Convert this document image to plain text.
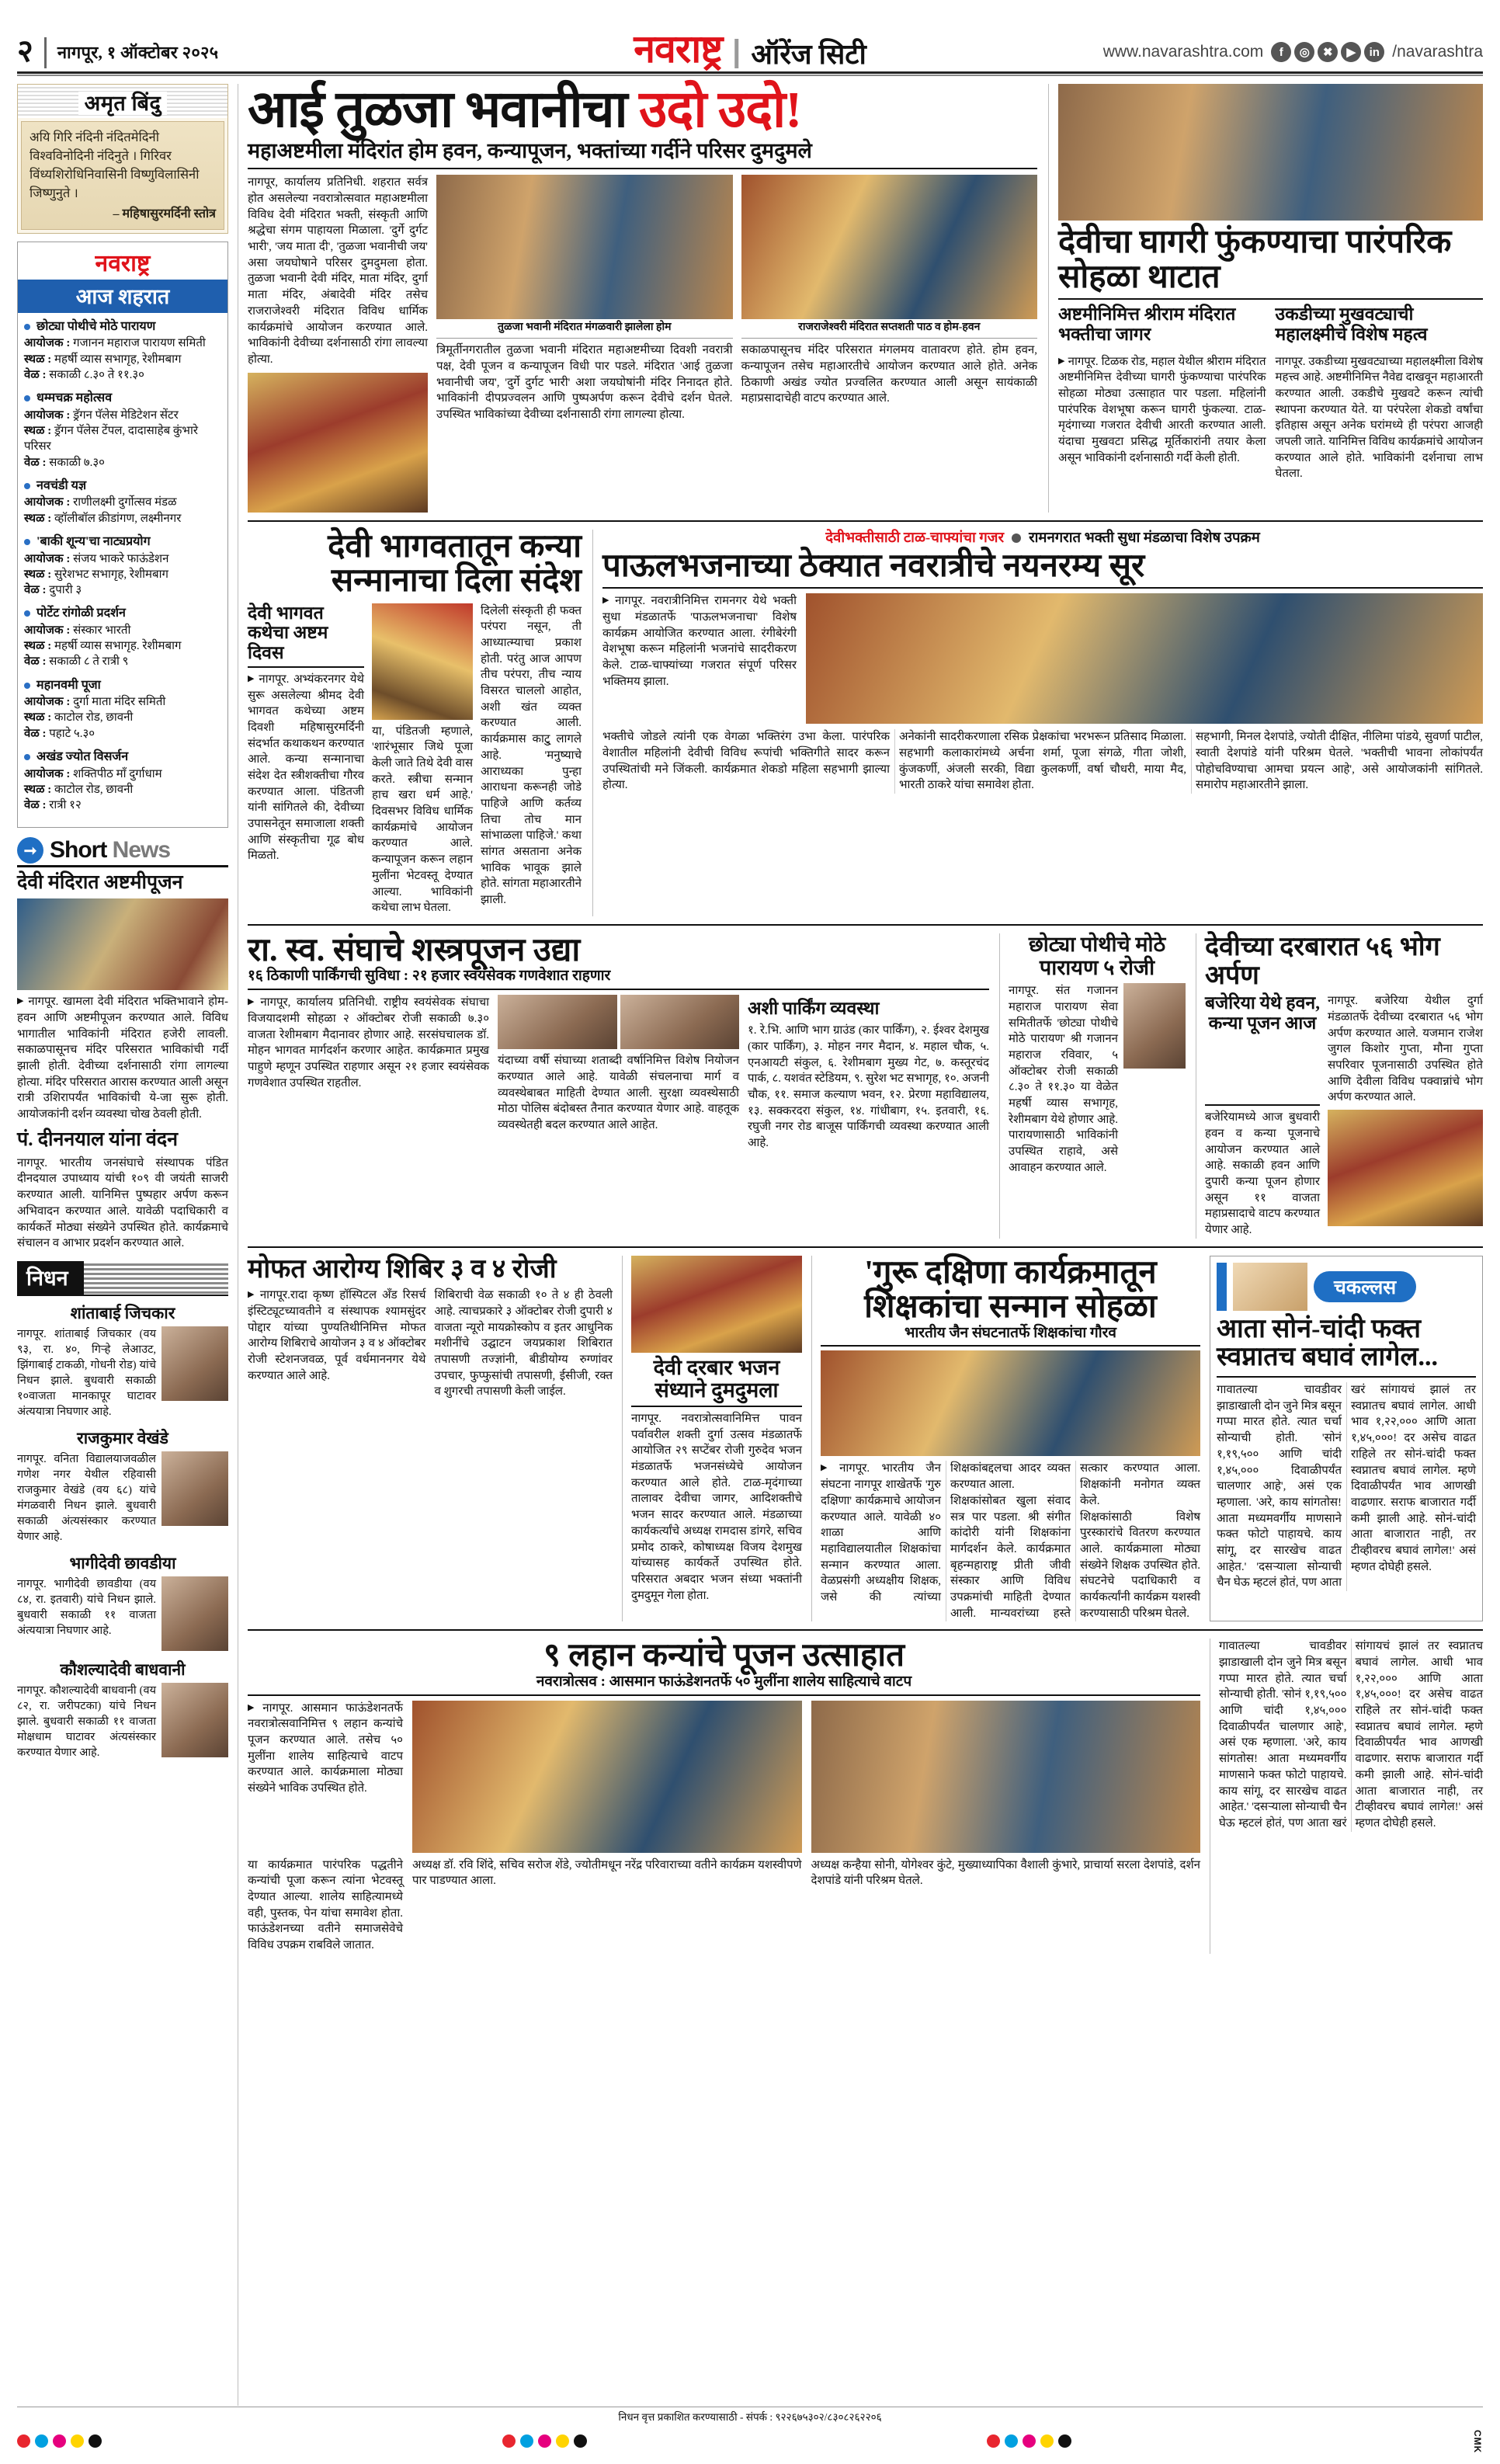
२ नागपूर, १ ऑक्टोबर २०२५	नवराष्ट्र ऑरेंज सिटी	www.navarashtra.com	f	◎	✖	▶	in /navarashtra
अमृत बिंदु
अयि गिरि नंदिनी नंदितमेदिनी विश्वविनोदिनी नंदिनुते । गिरिवर विंध्यशिरोधिनिवासिनी विष्णुविलासिनी जिष्णुनुते ।
– महिषासुरमर्दिनी स्तोत्र
नवराष्ट्र
आज शहरात
छोट्या पोथीचे मोठे पारायण
आयोजक : गजानन महाराज पारायण समिती
स्थळ : महर्षी व्यास सभागृह, रेशीमबाग
वेळ : सकाळी ८.३० ते ११.३०
धम्मचक्र महोत्सव
आयोजक : ड्रॅगन पॅलेस मेडिटेशन सेंटर
स्थळ : ड्रॅगन पॅलेस टेंपल, दादासाहेब कुंभारे परिसर
वेळ : सकाळी ७.३०
नवचंडी यज्ञ
आयोजक : राणीलक्ष्मी दुर्गोत्सव मंडळ
स्थळ : व्हॉलीबॉल क्रीडांगण, लक्ष्मीनगर
'बाकी शून्य'चा नाट्यप्रयोग
आयोजक : संजय भाकरे फाऊंडेशन
स्थळ : सुरेशभट सभागृह, रेशीमबाग
वेळ : दुपारी ३
पोर्टेट रांगोळी प्रदर्शन
आयोजक : संस्कार भारती
स्थळ : महर्षी व्यास सभागृह. रेशीमबाग
वेळ : सकाळी ८ ते रात्री ९
महानवमी पूजा
आयोजक : दुर्गा माता मंदिर समिती
स्थळ : काटोल रोड, छावनी
वेळ : पहाटे ५.३०
अखंड ज्योत विसर्जन
आयोजक : शक्तिपीठ माँ दुर्गाधाम
स्थळ : काटोल रोड, छावनी
वेळ : रात्री १२
➞ Short News
देवी मंदिरात अष्टमीपूजन
▶ नागपूर. खामला देवी मंदिरात भक्तिभावाने होम-हवन आणि अष्टमीपूजन करण्यात आले. विविध भागातील भाविकांनी मंदिरात हजेरी लावली. सकाळपासूनच मंदिर परिसरात भाविकांची गर्दी झाली होती. देवीच्या दर्शनासाठी रांगा लागल्या होत्या. मंदिर परिसरात आरास करण्यात आली असून रात्री उशिरापर्यंत भाविकांची ये-जा सुरू होती. आयोजकांनी दर्शन व्यवस्था चोख ठेवली होती.
पं. दीननयाल यांना वंदन
नागपूर. भारतीय जनसंघाचे संस्थापक पंडित दीनदयाल उपाध्याय यांची १०९ वी जयंती साजरी करण्यात आली. यानिमित्त पुष्पहार अर्पण करून अभिवादन करण्यात आले. यावेळी पदाधिकारी व कार्यकर्ते मोठ्या संख्येने उपस्थित होते. कार्यक्रमाचे संचालन व आभार प्रदर्शन करण्यात आले.
निधन
शांताबाई जिचकार
नागपूर. शांताबाई जिचकार (वय ९३, रा. ४०, गिऱ्हे लेआउट, झिंगाबाई टाकळी, गोधनी रोड) यांचे निधन झाले. बुधवारी सकाळी १०वाजता मानकापूर घाटावर अंत्ययात्रा निघणार आहे.
राजकुमार वेखंडे
नागपूर. वनिता विद्यालयाजवळील गणेश नगर येथील रहिवासी राजकुमार वेखंडे (वय ६८) यांचे मंगळवारी निधन झाले. बुधवारी सकाळी अंत्यसंस्कार करण्यात येणार आहे.
भागीदेवी छावडीया
नागपूर. भागीदेवी छावडीया (वय ८४, रा. इतवारी) यांचे निधन झाले. बुधवारी सकाळी ११ वाजता अंत्ययात्रा निघणार आहे.
कौशल्यादेवी बाधवानी
नागपूर. कौशल्यादेवी बाधवानी (वय ८२, रा. जरीपटका) यांचे निधन झाले. बुधवारी सकाळी ११ वाजता मोक्षधाम घाटावर अंत्यसंस्कार करण्यात येणार आहे.
आई तुळजा भवानीचा उदो उदो!
महाअष्टमीला मंदिरांत होम हवन, कन्यापूजन, भक्तांच्या गर्दीने परिसर दुमदुमले
नागपूर, कार्यालय प्रतिनिधी. शहरात सर्वत्र होत असलेल्या नवरात्रोत्सवात महाअष्टमीला विविध देवी मंदिरात भक्ती, संस्कृती आणि श्रद्धेचा संगम पाहायला मिळाला. 'दुर्गे दुर्गट भारी', 'जय माता दी', 'तुळजा भवानीची जय' असा जयघोषाने परिसर दुमदुमला होता. तुळजा भवानी देवी मंदिर, माता मंदिर, दुर्गा माता मंदिर, अंबादेवी मंदिर तसेच राजराजेश्वरी मंदिरात विविध धार्मिक कार्यक्रमांचे आयोजन करण्यात आले. भाविकांनी देवीच्या दर्शनासाठी रांगा लावल्या होत्या.
तुळजा भवानी मंदिरात मंगळवारी झालेला होम
त्रिमूर्तीनगरातील तुळजा भवानी मंदिरात महाअष्टमीच्या दिवशी नवरात्री पक्ष, देवी पूजन व कन्यापूजन विधी पार पडले. मंदिरात 'आई तुळजा भवानीची जय', 'दुर्गे दुर्गट भारी' अशा जयघोषांनी मंदिर निनादत होते. भाविकांनी दीपप्रज्वलन आणि पुष्पअर्पण करून देवीचे दर्शन घेतले. उपस्थित भाविकांच्या देवीच्या दर्शनासाठी रांगा लागल्या होत्या.
राजराजेश्वरी मंदिरात सप्तशती पाठ व होम-हवन
सकाळपासूनच मंदिर परिसरात मंगलमय वातावरण होते. होम हवन, कन्यापूजन तसेच महाआरतीचे आयोजन करण्यात आले होते. अनेक ठिकाणी अखंड ज्योत प्रज्वलित करण्यात आली असून सायंकाळी महाप्रसादाचेही वाटप करण्यात आले.
देवीचा घागरी फुंकण्याचा पारंपरिक सोहळा थाटात
अष्टमीनिमित्त श्रीराम मंदिरात भक्तीचा जागर
उकडीच्या मुखवट्याची महालक्ष्मीचे विशेष महत्व
▶ नागपूर. टिळक रोड, महाल येथील श्रीराम मंदिरात अष्टमीनिमित्त देवीच्या घागरी फुंकण्याचा पारंपरिक सोहळा मोठ्या उत्साहात पार पडला. महिलांनी पारंपरिक वेशभूषा करून घागरी फुंकल्या. टाळ-मृदंगाच्या गजरात देवीची आरती करण्यात आली. यंदाचा मुखवटा प्रसिद्ध मूर्तिकारांनी तयार केला असून भाविकांनी दर्शनासाठी गर्दी केली होती.
नागपूर. उकडीच्या मुखवट्याच्या महालक्ष्मीला विशेष महत्त्व आहे. अष्टमीनिमित्त नैवेद्य दाखवून महाआरती करण्यात आली. उकडीचे मुखवटे करून त्यांची स्थापना करण्यात येते. या परंपरेला शेकडो वर्षांचा इतिहास असून अनेक घरांमध्ये ही परंपरा आजही जपली जाते. यानिमित्त विविध कार्यक्रमांचे आयोजन करण्यात आले होते. भाविकांनी दर्शनाचा लाभ घेतला.
देवी भागवतातून कन्या सन्मानाचा दिला संदेश
देवी भागवत कथेचा अष्टम दिवस
▶ नागपूर. अभ्यंकरनगर येथे सुरू असलेल्या श्रीमद देवी भागवत कथेच्या अष्टम दिवशी महिषासुरमर्दिनी संदर्भात कथाकथन करण्यात आले. कन्या सन्मानाचा संदेश देत स्त्रीशक्तीचा गौरव करण्यात आला. पंडितजी यांनी सांगितले की, देवीच्या उपासनेतून समाजाला शक्ती आणि संस्कृतीचा गूढ बोध मिळतो.
या, पंडितजी म्हणाले, 'शारंभूसार जिथे पूजा केली जाते तिथे देवी वास करते. स्त्रीचा सन्मान हाच खरा धर्म आहे.' दिवसभर विविध धार्मिक कार्यक्रमांचे आयोजन करण्यात आले. कन्यापूजन करून लहान मुलींना भेटवस्तू देण्यात आल्या. भाविकांनी कथेचा लाभ घेतला.
दिलेली संस्कृती ही फक्त परंपरा नसून, ती आध्यात्म्याचा प्रकाश होती. परंतु आज आपण तीच परंपरा, तीच न्याय विसरत चाललो आहोत, अशी खंत व्यक्त करण्यात आली. कार्यक्रमास काटु् लागले आहे. 'मनुष्याचे आराध्यका पुन्हा आराधना करूनही जोडे पाहिजे आणि कर्तव्य तिचा ताेच मान सांभाळला पाहिजे.' कथा सांगत असताना अनेक भाविक भावूक झाले होते. सांगता महाआरतीने झाली.
देवीभक्तीसाठी टाळ-चाफ्यांचा गजर रामनगरात भक्ती सुधा मंडळाचा विशेष उपक्रम
पाऊलभजनाच्या ठेक्यात नवरात्रीचे नयनरम्य सूर
▶ नागपूर. नवरात्रीनिमित्त रामनगर येथे भक्ती सुधा मंडळातर्फे 'पाऊलभजनाचा' विशेष कार्यक्रम आयोजित करण्यात आला. रंगीबेरंगी वेशभूषा करून महिलांनी भजनांचे सादरीकरण केले. टाळ-चाफ्यांच्या गजरात संपूर्ण परिसर भक्तिमय झाला.
भक्तीचे जोडले त्यांनी एक वेगळा भक्तिरंग उभा केला. पारंपरिक वेशातील महिलांनी देवीची विविध रूपांची भक्तिगीते सादर करून उपस्थितांची मने जिंकली. कार्यक्रमात शेकडो महिला सहभागी झाल्या होत्या.
अनेकांनी सादरीकरणाला रसिक प्रेक्षकांचा भरभरून प्रतिसाद मिळाला. सहभागी कलाकारांमध्ये अर्चना शर्मा, पूजा संगळे, गीता जोशी, कुंजकर्णी, अंजली सरकी, विद्या कुलकर्णी, वर्षा चौधरी, माया मैद, भारती ठाकरे यांचा समावेश होता.
सहभागी, मिनल देशपांडे, ज्योती दीक्षित, नीलिमा पांडये, सुवर्णा पाटील, स्वाती देशपांडे यांनी परिश्रम घेतले. 'भक्तीची भावना लोकांपर्यंत पोहोचविण्याचा आमचा प्रयत्न आहे', असे आयोजकांनी सांगितले. समारोप महाआरतीने झाला.
रा. स्व. संघाचे शस्त्रपूजन उद्या
१६ ठिकाणी पार्किंगची सुविधा : २१ हजार स्वयंसेवक गणवेशात राहणार
▶ नागपूर, कार्यालय प्रतिनिधी. राष्ट्रीय स्वयंसेवक संघाचा विजयादशमी सोहळा २ ऑक्टोबर रोजी सकाळी ७.३० वाजता रेशीमबाग मैदानावर होणार आहे. सरसंघचालक डॉ. मोहन भागवत मार्गदर्शन करणार आहेत. कार्यक्रमात प्रमुख पाहुणे म्हणून उपस्थित राहणार असून २१ हजार स्वयंसेवक गणवेशात उपस्थित राहतील.
यंदाच्या वर्षी संघाच्या शताब्दी वर्षानिमित्त विशेष नियोजन करण्यात आले आहे. यावेळी संचलनाचा मार्ग व व्यवस्थेबाबत माहिती देण्यात आली. सुरक्षा व्यवस्थेसाठी मोठा पोलिस बंदोबस्त तैनात करण्यात येणार आहे. वाहतूक व्यवस्थेतही बदल करण्यात आले आहेत.
अशी पार्किंग व्यवस्था
१. रे.भि. आणि भाग ग्राउंड (कार पार्किंग), २. ईश्वर देशमुख (कार पार्किंग), ३. मोहन नगर मैदान, ४. महाल चौक, ५. एनआयटी संकुल, ६. रेशीमबाग मुख्य गेट, ७. कस्तूरचंद पार्क, ८. यशवंत स्टेडियम, ९. सुरेश भट सभागृह, १०. अजनी चौक, ११. समाज कल्याण भवन, १२. प्रेरणा महाविद्यालय, १३. सक्करदरा संकुल, १४. गांधीबाग, १५. इतवारी, १६. रघुजी नगर रोड बाजूस पार्किंगची व्यवस्था करण्यात आली आहे.
छोट्या पोथीचे मोठे पारायण ५ रोजी
नागपूर. संत गजानन महाराज पारायण सेवा समितीतर्फे 'छोट्या पोथीचे मोठे पारायण' श्री गजानन महाराज रविवार, ५ ऑक्टोबर रोजी सकाळी ८.३० ते ११.३० या वेळेत महर्षी व्यास सभागृह, रेशीमबाग येथे होणार आहे. पारायणासाठी भाविकांनी उपस्थित राहावे, असे आवाहन करण्यात आले.
देवीच्या दरबारात ५६ भोग अर्पण
बजेरिया येथे हवन, कन्या पूजन आज
नागपूर. बजेरिया येथील दुर्गा मंडळातर्फे देवीच्या दरबारात ५६ भोग अर्पण करण्यात आले. यजमान राजेश जुगल किशोर गुप्ता, मौना गुप्ता सपरिवार पूजनासाठी उपस्थित होते आणि देवीला विविध पक्वान्नांचे भोग अर्पण करण्यात आले.
बजेरियामध्ये आज बुधवारी हवन व कन्या पूजनाचे आयोजन करण्यात आले आहे. सकाळी हवन आणि दुपारी कन्या पूजन होणार असून ११ वाजता महाप्रसादाचे वाटप करण्यात येणार आहे.
मोफत आरोग्य शिबिर ३ व ४ रोजी
▶ नागपूर.रादा कृष्ण हॉस्पिटल अँड रिसर्च इंस्टिट्यूटच्यावतीने व संस्थापक श्यामसुंदर पोद्दार यांच्या पुण्यतिथीनिमित्त मोफत आरोग्य शिबिराचे आयोजन ३ व ४ ऑक्टोबर रोजी स्टेशनजवळ, पूर्व वर्धमाननगर येथे करण्यात आले आहे.
शिबिराची वेळ सकाळी १० ते ४ ही ठेवली आहे. त्याचप्रकारे ३ ऑक्टोबर रोजी दुपारी ४ वाजता न्यूरो मायक्रोस्कोप व इतर आधुनिक मशीनींचे उद्घाटन जयप्रकाश शिबिरात तपासणी तज्ज्ञांनी, बीडीयोग्य रुग्णांवर उपचार, फुप्फुसांची तपासणी, ईसीजी, रक्त व शुगरची तपासणी केली जाईल.
देवी दरबार भजन संध्याने दुमदुमला
नागपूर. नवरात्रोत्सवानिमित्त पावन पर्वावरील शक्ती दुर्गा उत्सव मंडळातर्फे आयोजित २९ सप्टेंबर रोजी गुरुदेव भजन मंडळातर्फे भजनसंध्येचे आयोजन करण्यात आले होते. टाळ-मृदंगाच्या तालावर देवीचा जागर, आदिशक्तीचे भजन सादर करण्यात आले. मंडळाच्या कार्यकर्त्यांचे अध्यक्ष रामदास डांगरे, सचिव प्रमोद ठाकरे, कोषाध्यक्ष विजय देशमुख यांच्यासह कार्यकर्ते उपस्थित होते. परिसरात अबदार भजन संध्या भक्तांनी दुमदुमून गेला होता.
'गुरू दक्षिणा कार्यक्रमातून शिक्षकांचा सन्मान सोहळा
भारतीय जैन संघटनातर्फे शिक्षकांचा गौरव
▶ नागपूर. भारतीय जैन संघटना नागपूर शाखेतर्फे 'गुरु दक्षिणा' कार्यक्रमाचे आयोजन करण्यात आले. यावेळी ४० शाळा आणि महाविद्यालयातील शिक्षकांचा सन्मान करण्यात आला. वेळप्रसंगी अध्यक्षीय शिक्षक, जसे की त्यांच्या शिक्षकांबद्दलचा आदर व्यक्त करण्यात आला.
शिक्षकांसोबत खुला संवाद सत्र पार पडला. श्री संगीत कांदोरी यांनी शिक्षकांना मार्गदर्शन केले. कार्यक्रमात बृहन्महाराष्ट्र प्रीती जीवी संस्कार आणि विविध उपक्रमांची माहिती देण्यात आली. मान्यवरांच्या हस्ते सत्कार करण्यात आला. शिक्षकांनी मनोगत व्यक्त केले.
शिक्षकांसाठी विशेष पुरस्कारांचे वितरण करण्यात आले. कार्यक्रमाला मोठ्या संख्येने शिक्षक उपस्थित होते. संघटनेचे पदाधिकारी व कार्यकर्त्यांनी कार्यक्रम यशस्वी करण्यासाठी परिश्रम घेतले.
चकल्लस
आता सोनं-चांदी फक्त स्वप्नातच बघावं लागेल...
गावातल्या चावडीवर झाडाखाली दोन जुने मित्र बसून गप्पा मारत होते. त्यात चर्चा सोन्याची होती. 'सोनं १,१९,५०० आणि चांदी १,४५,००० दिवाळीपर्यंत चालणार आहे', असं एक म्हणाला. 'अरे, काय सांगतोस! आता मध्यमवर्गीय माणसाने फक्त फोटो पाहायचे. काय सांगू, दर सारखेच वाढत आहेत.' 'दसऱ्याला सोन्याची चैन घेऊ म्हटलं होतं, पण आता खरं सांगायचं झालं तर स्वप्नातच बघावं लागेल. आधी भाव १,२२,००० आणि आता १,४५,०००! दर असेच वाढत राहिले तर सोनं-चांदी फक्त स्वप्नातच बघावं लागेल. म्हणे दिवाळीपर्यंत भाव आणखी वाढणार. सराफ बाजारात गर्दी कमी झाली आहे. सोनं-चांदी आता बाजारात नाही, तर टीव्हीवरच बघावं लागेल!' असं म्हणत दोघेही हसले.
९ लहान कन्यांचे पूजन उत्साहात
नवरात्रोत्सव : आसमान फाऊंडेशनतर्फे ५० मुलींना शालेय साहित्याचे वाटप
▶ नागपूर. आसमान फाऊंडेशनतर्फे नवरात्रोत्सवानिमित्त ९ लहान कन्यांचे पूजन करण्यात आले. तसेच ५० मुलींना शालेय साहित्याचे वाटप करण्यात आले. कार्यक्रमाला मोठ्या संख्येने भाविक उपस्थित होते.
या कार्यक्रमात पारंपरिक पद्धतीने कन्यांची पूजा करून त्यांना भेटवस्तू देण्यात आल्या. शालेय साहित्यामध्ये वही, पुस्तक, पेन यांचा समावेश होता. फाऊंडेशनच्या वतीने समाजसेवेचे विविध उपक्रम राबविले जातात.
अध्यक्ष डॉ. रवि शिंदे, सचिव सरोज शेंडे, ज्योतीमधून नरेंद्र परिवाराच्या वतीने कार्यक्रम यशस्वीपणे पार पाडण्यात आला.
अध्यक्ष कन्हैया सोनी, योगेश्वर कुंटे, मुख्याध्यापिका वैशाली कुंभारे, प्राचार्या सरला देशपांडे, दर्शन देशपांडे यांनी परिश्रम घेतले.
गावातल्या चावडीवर झाडाखाली दोन जुने मित्र बसून गप्पा मारत होते. त्यात चर्चा सोन्याची होती. 'सोनं १,१९,५०० आणि चांदी १,४५,००० दिवाळीपर्यंत चालणार आहे', असं एक म्हणाला. 'अरे, काय सांगतोस! आता मध्यमवर्गीय माणसाने फक्त फोटो पाहायचे. काय सांगू, दर सारखेच वाढत आहेत.' 'दसऱ्याला सोन्याची चैन घेऊ म्हटलं होतं, पण आता खरं सांगायचं झालं तर स्वप्नातच बघावं लागेल. आधी भाव १,२२,००० आणि आता १,४५,०००! दर असेच वाढत राहिले तर सोनं-चांदी फक्त स्वप्नातच बघावं लागेल. म्हणे दिवाळीपर्यंत भाव आणखी वाढणार. सराफ बाजारात गर्दी कमी झाली आहे. सोनं-चांदी आता बाजारात नाही, तर टीव्हीवरच बघावं लागेल!' असं म्हणत दोघेही हसले.
निधन वृत्त प्रकाशित करण्यासाठी - संपर्क : ९२२६७५३०२/८३०८२६२२०६
CMK
